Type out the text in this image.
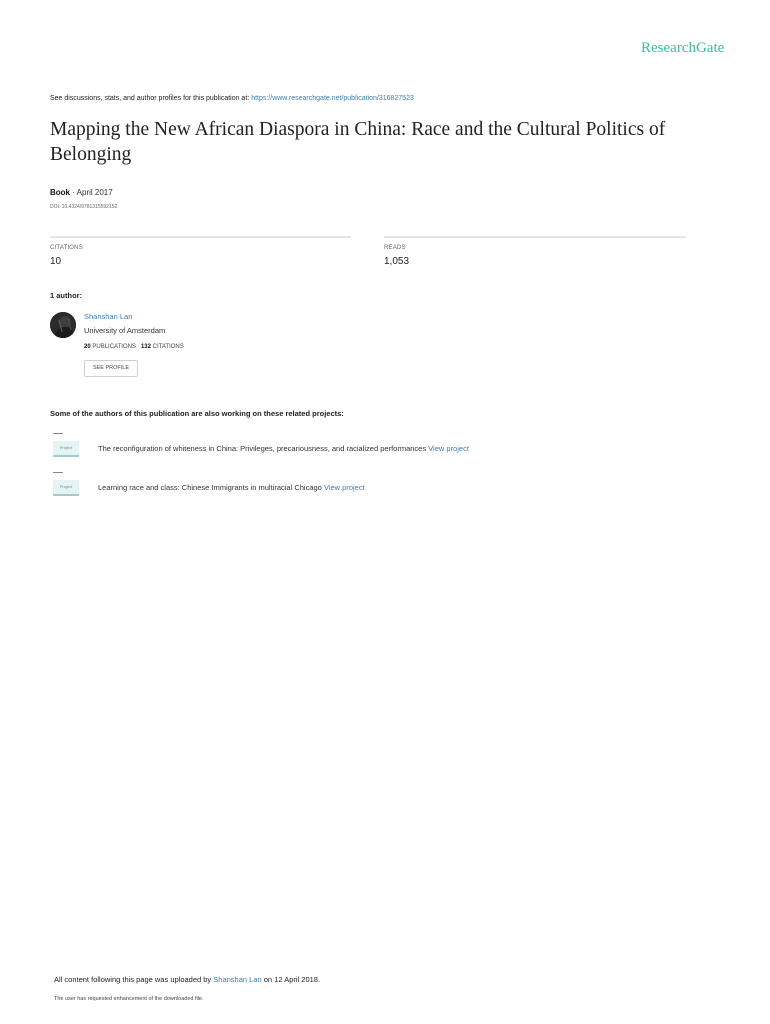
ResearchGate
See discussions, stats, and author profiles for this publication at: https://www.researchgate.net/publication/316827523
Mapping the New African Diaspora in China: Race and the Cultural Politics of Belonging
Book · April 2017
DOI: 10.4324/9781315592152
CITATIONS
10
READS
1,053
1 author:
Shanshan Lan
University of Amsterdam
20 PUBLICATIONS 132 CITATIONS
SEE PROFILE
Some of the authors of this publication are also working on these related projects:
Project	The reconfiguration of whiteness in China: Privileges, precariousness, and racialized performances View project
Project	Learning race and class: Chinese Immigrants in multiracial Chicago View project
All content following this page was uploaded by Shanshan Lan on 12 April 2018.
The user has requested enhancement of the downloaded file.
